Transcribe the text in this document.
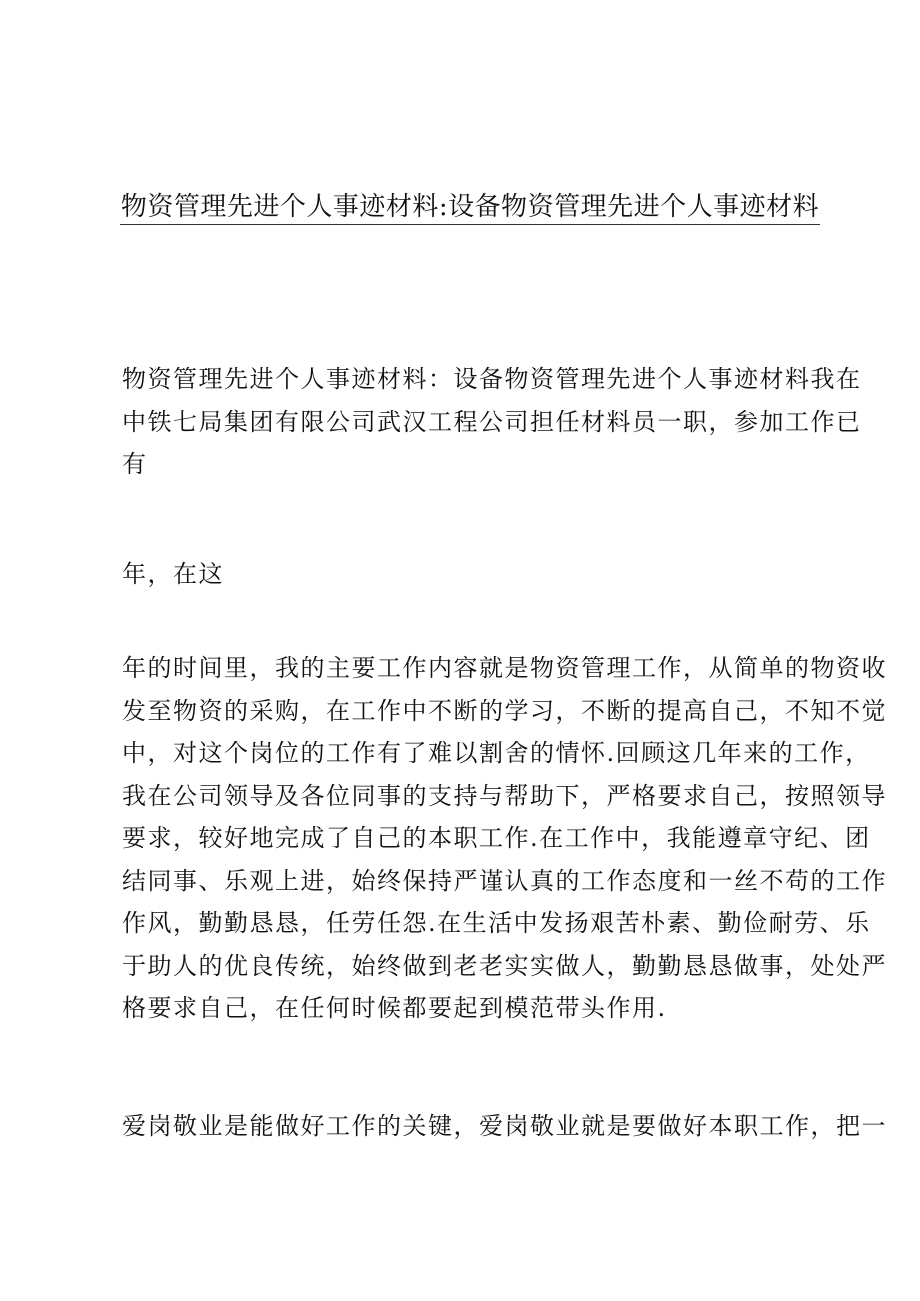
物资管理先进个人事迹材料:设备物资管理先进个人事迹材料

物资管理先进个人事迹材料：设备物资管理先进个人事迹材料我在
中铁七局集团有限公司武汉工程公司担任材料员一职，参加工作已
有

年，在这

年的时间里，我的主要工作内容就是物资管理工作，从简单的物资收
发至物资的采购，在工作中不断的学习，不断的提高自己，不知不觉
中，对这个岗位的工作有了难以割舍的情怀.回顾这几年来的工作，
我在公司领导及各位同事的支持与帮助下，严格要求自己，按照领导
要求，较好地完成了自己的本职工作.在工作中，我能遵章守纪、团
结同事、乐观上进，始终保持严谨认真的工作态度和一丝不苟的工作
作风，勤勤恳恳，任劳任怨.在生活中发扬艰苦朴素、勤俭耐劳、乐
于助人的优良传统，始终做到老老实实做人，勤勤恳恳做事，处处严
格要求自己，在任何时候都要起到模范带头作用.

爱岗敬业是能做好工作的关键，爱岗敬业就是要做好本职工作，把一
